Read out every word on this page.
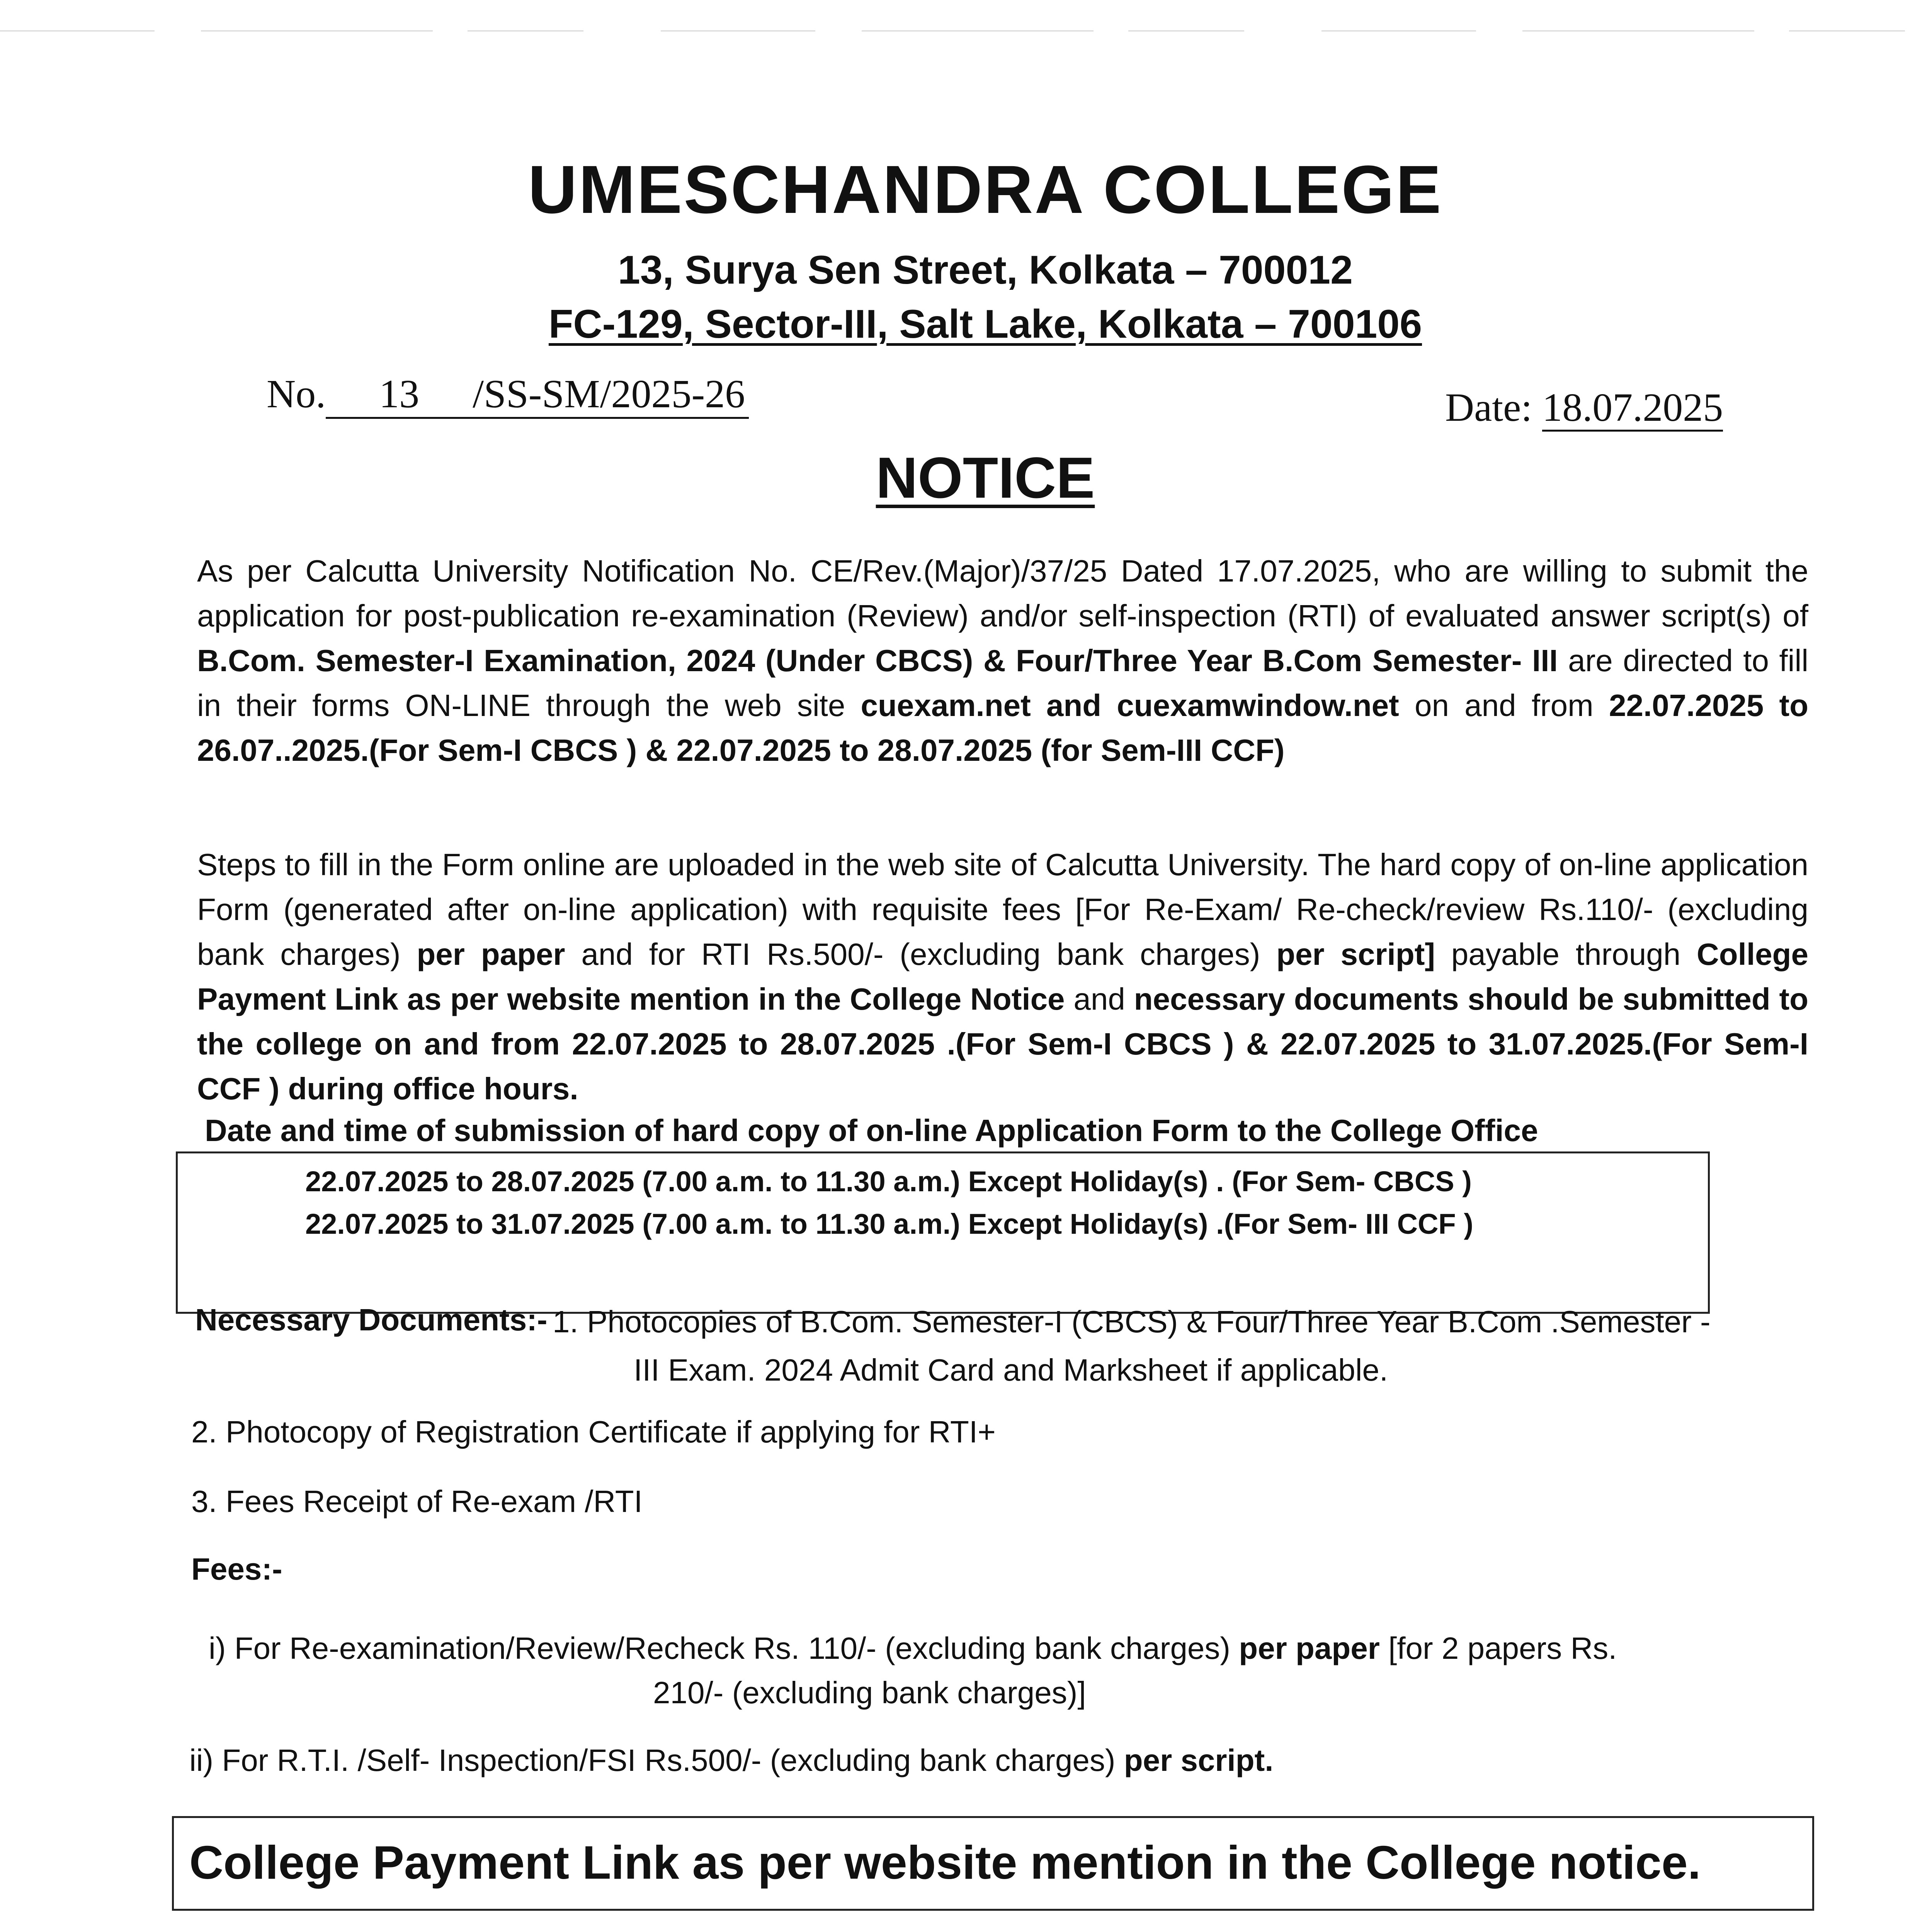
UMESCHANDRA COLLEGE
13, Surya Sen Street, Kolkata – 700012
FC-129, Sector-III, Salt Lake, Kolkata – 700106
No. 13 /SS-SM/2025-26	Date: 18.07.2025
NOTICE
As per Calcutta University Notification No. CE/Rev.(Major)/37/25 Dated 17.07.2025, who are willing to submit the application for post-publication re-examination (Review) and/or self-inspection (RTI) of evaluated answer script(s) of B.Com. Semester-I Examination, 2024 (Under CBCS) & Four/Three Year B.Com Semester- III are directed to fill in their forms ON-LINE through the web site cuexam.net and cuexamwindow.net on and from 22.07.2025 to 26.07..2025.(For Sem-I CBCS ) & 22.07.2025 to 28.07.2025 (for Sem-III CCF)
Steps to fill in the Form online are uploaded in the web site of Calcutta University. The hard copy of on-line application Form (generated after on-line application) with requisite fees [For Re-Exam/ Re-check/review Rs.110/- (excluding bank charges) per paper and for RTI Rs.500/- (excluding bank charges) per script] payable through College Payment Link as per website mention in the College Notice and necessary documents should be submitted to the college on and from 22.07.2025 to 28.07.2025 .(For Sem-I CBCS ) & 22.07.2025 to 31.07.2025.(For Sem-I CCF ) during office hours.
Date and time of submission of hard copy of on-line Application Form to the College Office
22.07.2025 to 28.07.2025 (7.00 a.m. to 11.30 a.m.) Except Holiday(s) . (For Sem- CBCS )
22.07.2025 to 31.07.2025 (7.00 a.m. to 11.30 a.m.) Except Holiday(s) .(For Sem- III CCF )
Necessary Documents:- 1. Photocopies of B.Com. Semester-I (CBCS) & Four/Three Year B.Com .Semester -
III Exam. 2024 Admit Card and Marksheet if applicable.
2. Photocopy of Registration Certificate if applying for RTI+
3. Fees Receipt of Re-exam /RTI
Fees:-
i) For Re-examination/Review/Recheck Rs. 110/- (excluding bank charges) per paper [for 2 papers Rs.
210/- (excluding bank charges)]
ii) For R.T.I. /Self- Inspection/FSI Rs.500/- (excluding bank charges) per script.
College Payment Link as per website mention in the College notice.
